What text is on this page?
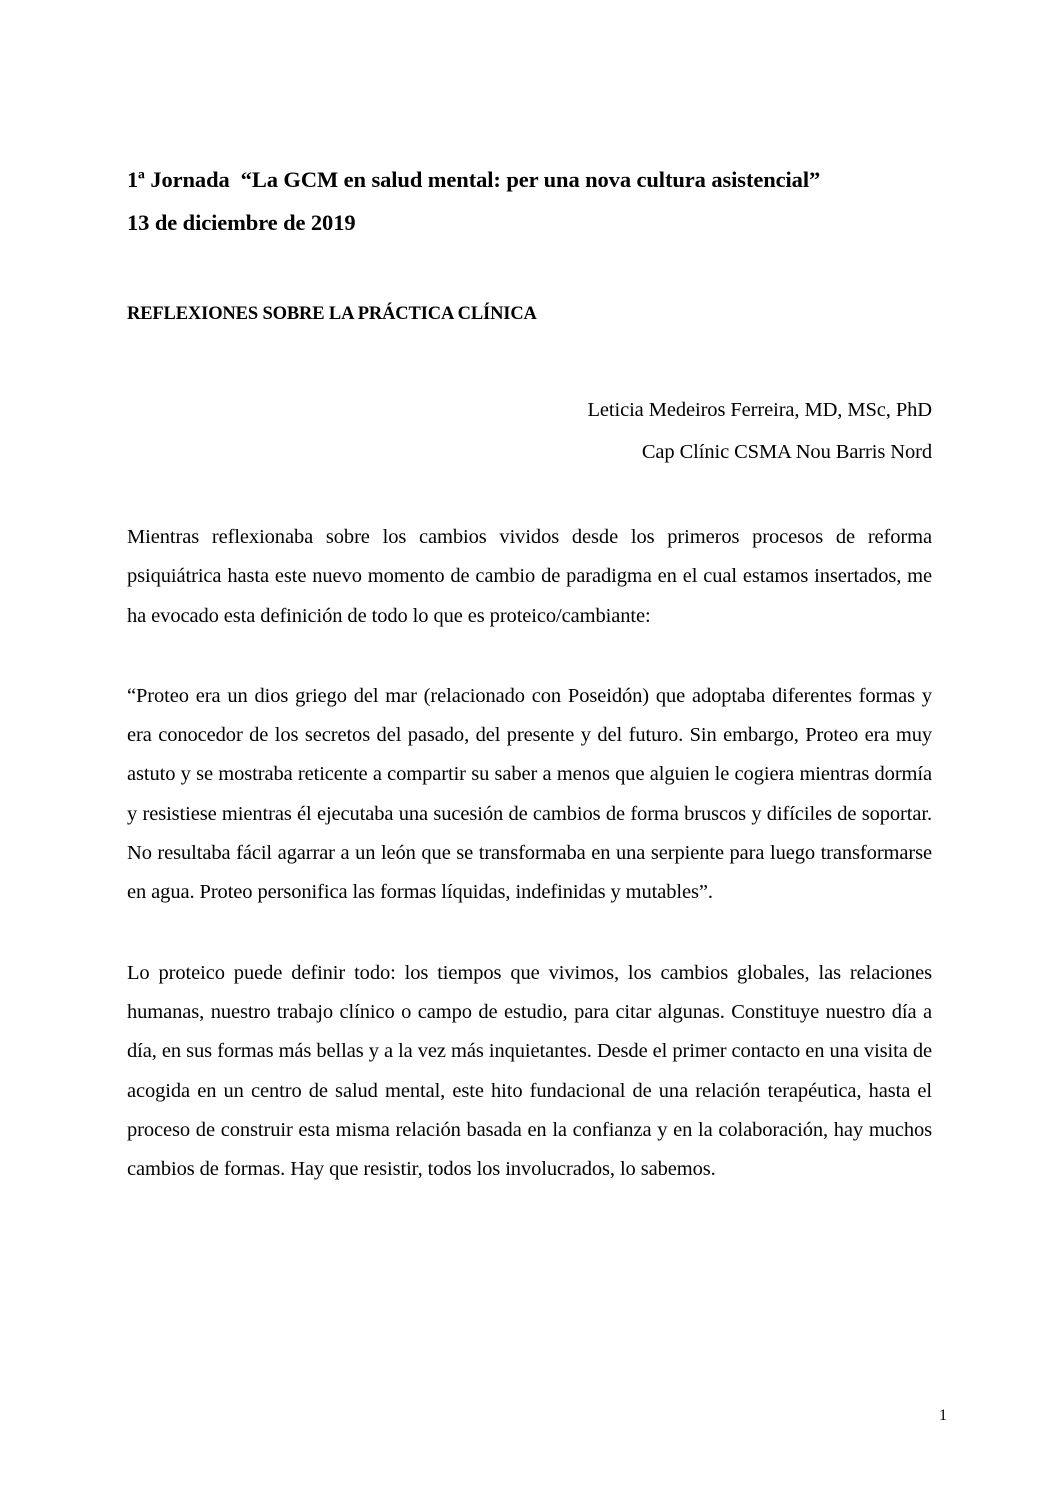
1ª Jornada  “La GCM en salud mental: per una nova cultura asistencial”
13 de diciembre de 2019
REFLEXIONES SOBRE LA PRÁCTICA CLÍNICA
Leticia Medeiros Ferreira, MD, MSc, PhD
Cap Clínic CSMA Nou Barris Nord

Mientras reflexionaba sobre los cambios vividos desde los primeros procesos de reforma psiquiátrica hasta este nuevo momento de cambio de paradigma en el cual estamos insertados, me ha evocado esta definición de todo lo que es proteico/cambiante:

“Proteo era un dios griego del mar (relacionado con Poseidón) que adoptaba diferentes formas y era conocedor de los secretos del pasado, del presente y del futuro. Sin embargo, Proteo era muy astuto y se mostraba reticente a compartir su saber a menos que alguien le cogiera mientras dormía y resistiese mientras él ejecutaba una sucesión de cambios de forma bruscos y difíciles de soportar. No resultaba fácil agarrar a un león que se transformaba en una serpiente para luego transformarse en agua. Proteo personifica las formas líquidas, indefinidas y mutables”.

Lo proteico puede definir todo: los tiempos que vivimos, los cambios globales, las relaciones humanas, nuestro trabajo clínico o campo de estudio, para citar algunas. Constituye nuestro día a día, en sus formas más bellas y a la vez más inquietantes. Desde el primer contacto en una visita de acogida en un centro de salud mental, este hito fundacional de una relación terapéutica, hasta el proceso de construir esta misma relación basada en la confianza y en la colaboración, hay muchos cambios de formas. Hay que resistir, todos los involucrados, lo sabemos.

1
